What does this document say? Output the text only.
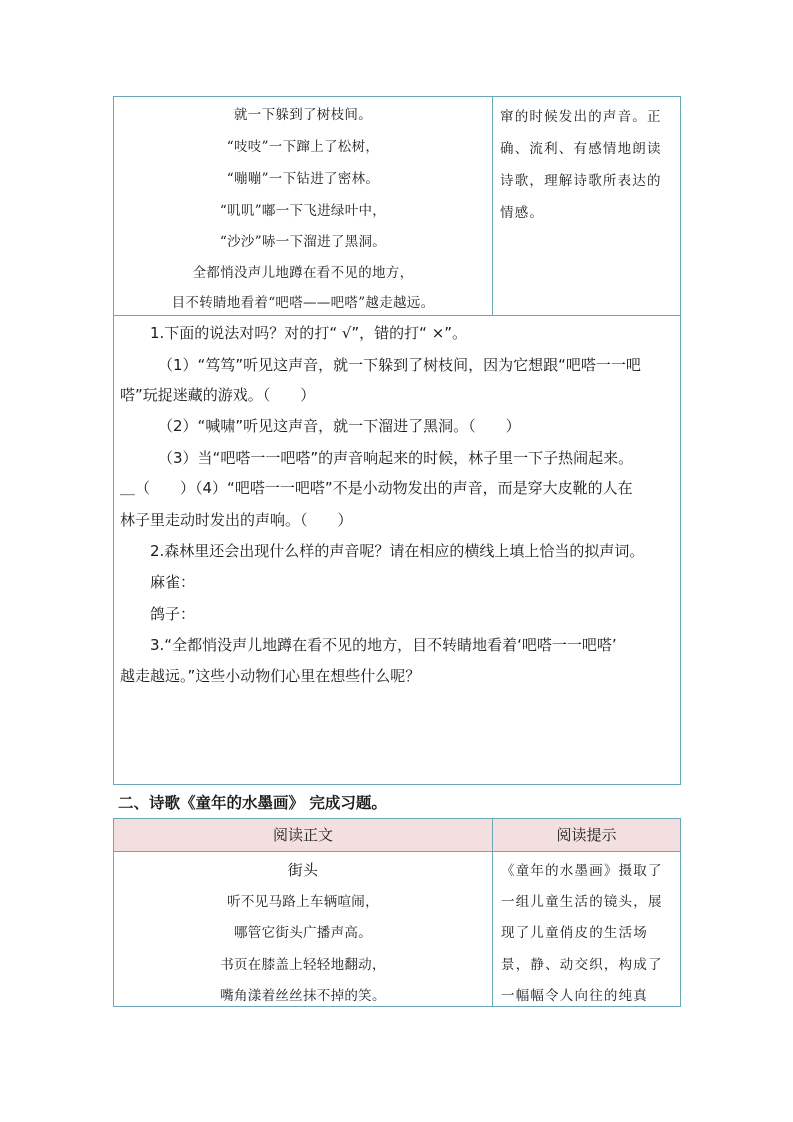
就一下躲到了树枝间。
“吱吱”一下蹿上了松树，
“嘣嘣”一下钻进了密林。
“叽叽”嘟一下飞进绿叶中，
“沙沙”哧一下溜进了黑洞。
全都悄没声儿地蹲在看不见的地方，
目不转睛地看着“吧嗒——吧嗒”越走越远。
窜的时候发出的声音。正
确、流利、有感情地朗读
诗歌，理解诗歌所表达的
情感。
1.下面的说法对吗？对的打“ √”，错的打“ ×”。
（1）“笃笃”听见这声音，就一下躲到了树枝间，因为它想跟“吧嗒一一吧
嗒”玩捉迷藏的游戏。（　　）
（2）“喊啸”听见这声音，就一下溜进了黑洞。（　　）
（3）当“吧嗒一一吧嗒”的声音响起来的时候，林子里一下子热闹起来。
＿（　　）（4）“吧嗒一一吧嗒”不是小动物发出的声音，而是穿大皮靴的人在
林子里走动时发出的声响。（　　）
2.森林里还会出现什么样的声音呢？请在相应的横线上填上恰当的拟声词。
麻雀：
鸽子：
3.“全都悄没声儿地蹲在看不见的地方，目不转睛地看着‘吧嗒一一吧嗒’
越走越远。”这些小动物们心里在想些什么呢？
二、诗歌《童年的水墨画》 完成习题。
阅读正文	阅读提示
街头
听不见马路上车辆喧闹，
哪管它街头广播声高。
书页在膝盖上轻轻地翻动，
嘴角漾着丝丝抹不掉的笑。
《童年的水墨画》摄取了
一组儿童生活的镜头，展
现了儿童俏皮的生活场
景，静、动交织，构成了
一幅幅令人向往的纯真
